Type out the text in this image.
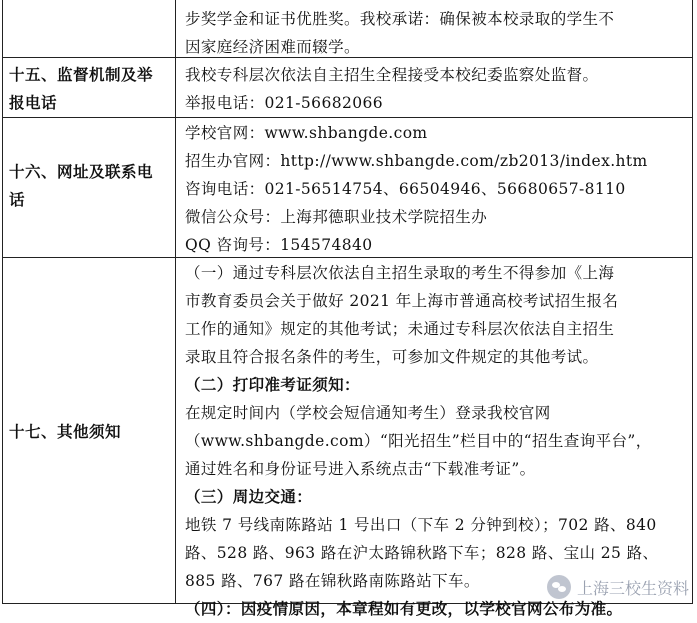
步奖学金和证书优胜奖。我校承诺：确保被本校录取的学生不
因家庭经济困难而辍学。
十五、监督机制及举
报电话
我校专科层次依法自主招生全程接受本校纪委监察处监督。
举报电话：021-56682066
十六、网址及联系电
话
学校官网：www.shbangde.com
招生办官网：http://www.shbangde.com/zb2013/index.htm
咨询电话：021-56514754、66504946、56680657-8110
微信公众号：上海邦德职业技术学院招生办
QQ 咨询号：154574840
十七、其他须知
（一）通过专科层次依法自主招生录取的考生不得参加《上海
市教育委员会关于做好 2021 年上海市普通高校考试招生报名
工作的通知》规定的其他考试；未通过专科层次依法自主招生
录取且符合报名条件的考生，可参加文件规定的其他考试。
（二）打印准考证须知：
在规定时间内（学校会短信通知考生）登录我校官网
（www.shbangde.com）“阳光招生”栏目中的“招生查询平台”，
通过姓名和身份证号进入系统点击“下载准考证”。
（三）周边交通：
地铁 7 号线南陈路站 1 号出口（下车 2 分钟到校）；702 路、840
路、528 路、963 路在沪太路锦秋路下车；828 路、宝山 25 路、
885 路、767 路在锦秋路南陈路站下车。
（四）：因疫情原因，本章程如有更改，以学校官网公布为准。
上海三校生资料
